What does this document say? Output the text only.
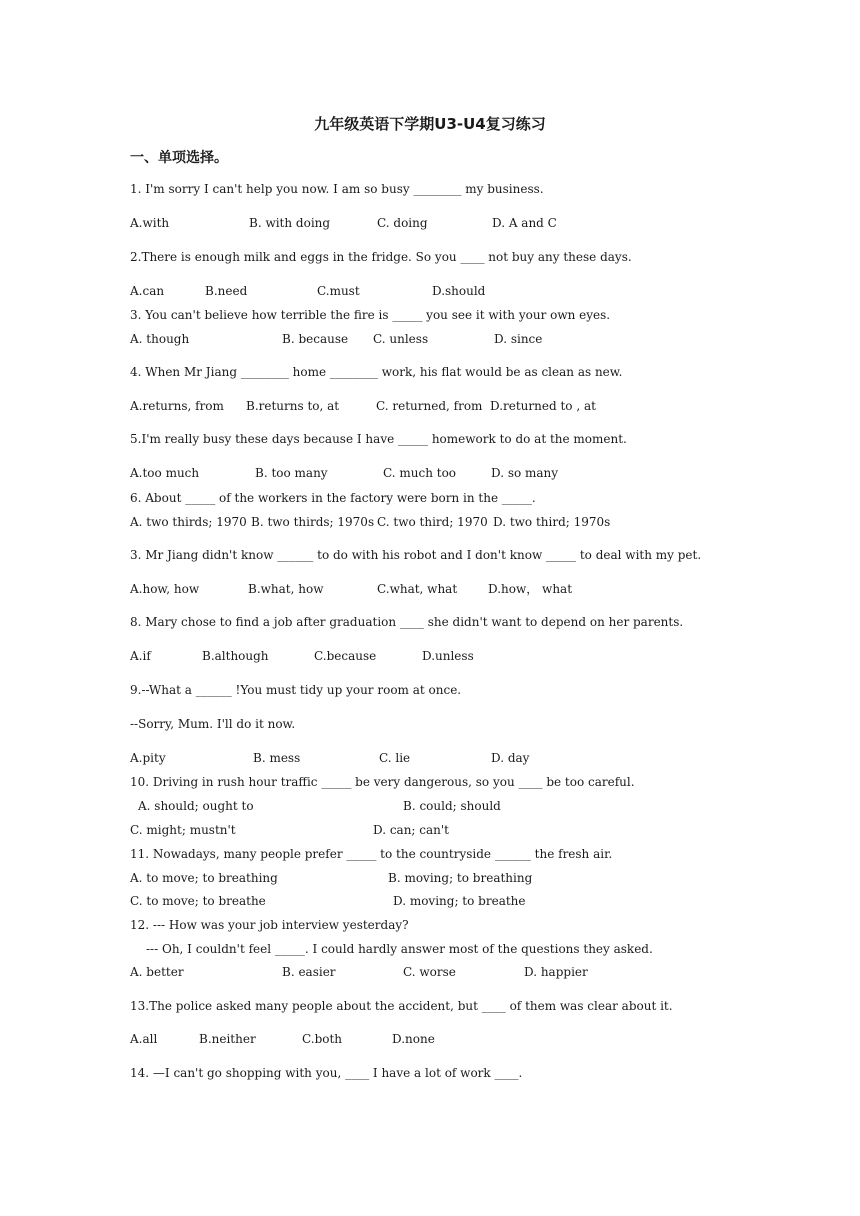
九年级英语下学期U3-U4复习练习
一、单项选择。
1. I'm sorry I can't help you now. I am so busy ________ my business.
A.with	B. with doing	C. doing	D. A and C
2.There is enough milk and eggs in the fridge. So you ____ not buy any these days.
A.can	B.need	C.must	D.should
3. You can't believe how terrible the fire is _____ you see it with your own eyes.
A. though	B. because C. unless	D. since
4. When Mr Jiang ________ home ________ work, his flat would be as clean as new.
A.returns, from B.returns to, at	C. returned, from D.returned to , at
5.I'm really busy these days because I have _____ homework to do at the moment.
A.too much	B. too many	C. much too	D. so many
6. About _____ of the workers in the factory were born in the _____.
A. two thirds; 1970 B. two thirds; 1970s C. two third; 1970 D. two third; 1970s
3. Mr Jiang didn't know ______ to do with his robot and I don't know _____ to deal with my pet.
A.how, how	B.what, how	C.what, what	D.how， what
8. Mary chose to find a job after graduation ____ she didn't want to depend on her parents.
A.if	B.although	C.because	D.unless
9.--What a ______ !You must tidy up your room at once.
--Sorry, Mum. I'll do it now.
A.pity	B. mess	C. lie	D. day
10. Driving in rush hour traffic _____ be very dangerous, so you ____ be too careful.
A. should; ought to	B. could; should
C. might; mustn't	D. can; can't
11. Nowadays, many people prefer _____ to the countryside ______ the fresh air.
A. to move; to breathing	B. moving; to breathing
C. to move; to breathe	D. moving; to breathe
12. --- How was your job interview yesterday?
--- Oh, I couldn't feel _____. I could hardly answer most of the questions they asked.
A. better	B. easier	C. worse	D. happier
13.The police asked many people about the accident, but ____ of them was clear about it.
A.all	B.neither	C.both	D.none
14. —I can't go shopping with you, ____ I have a lot of work ____.
